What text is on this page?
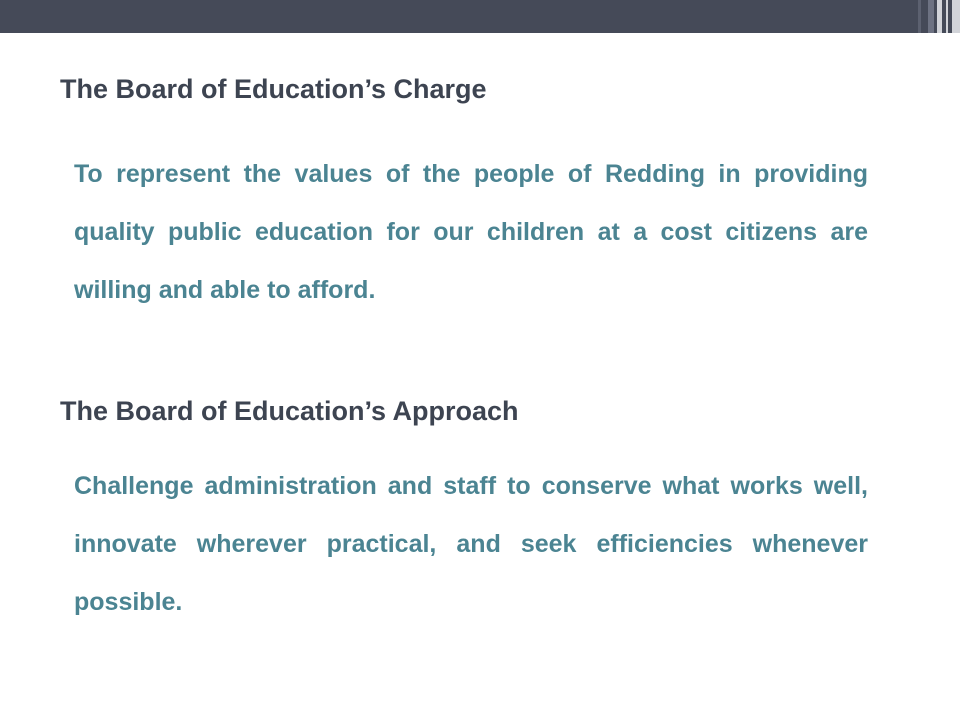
The Board of Education’s Charge
To represent the values of the people of Redding in providing quality public education for our children at a cost citizens are willing and able to afford.
The Board of Education’s Approach
Challenge administration and staff to conserve what works well, innovate wherever practical, and seek efficiencies whenever possible.
